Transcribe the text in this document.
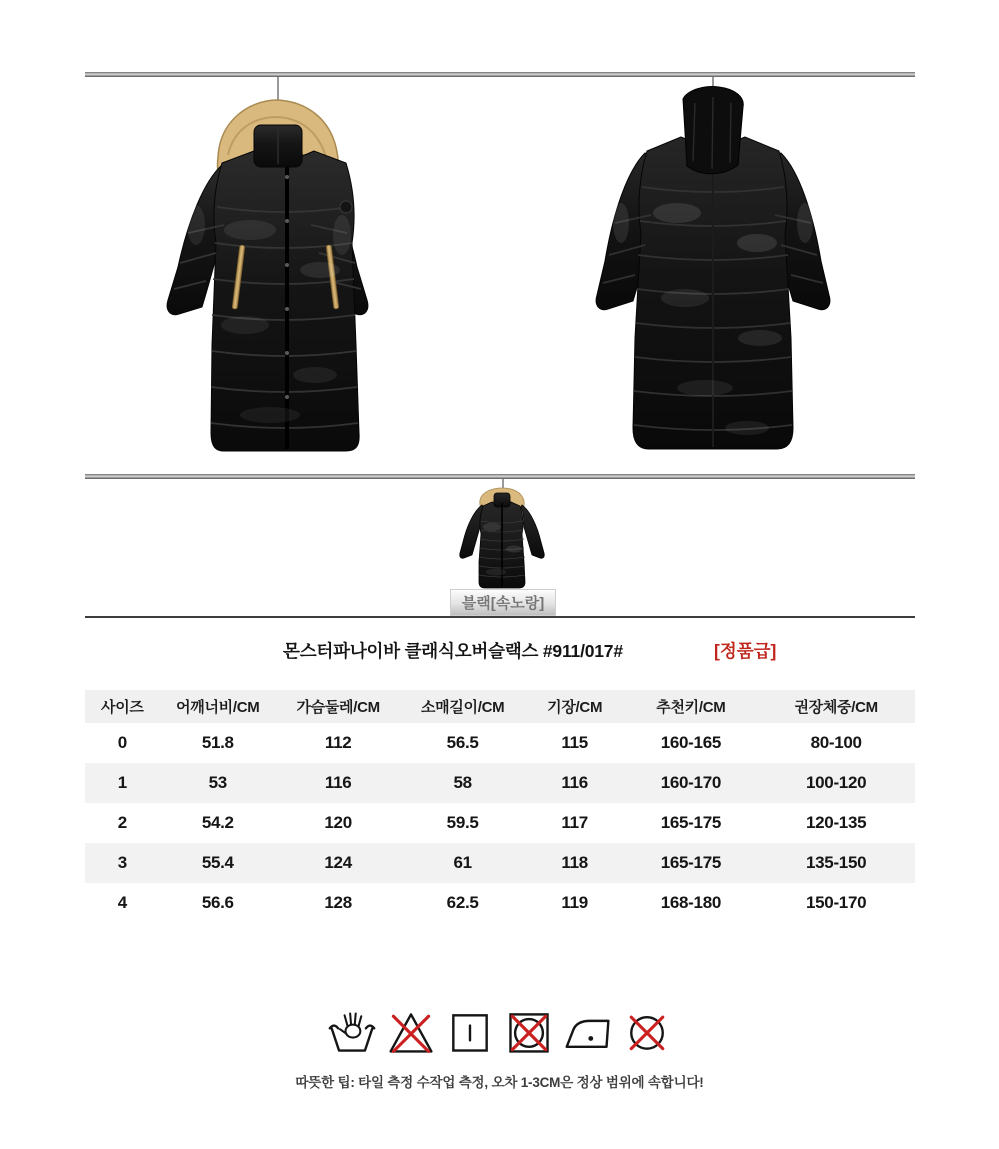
블랙[속노랑]
몬스터파나이바 클래식오버슬랙스 #911/017#	[정품급]
사이즈	어깨너비/CM	가슴둘레/CM	소매길이/CM	기장/CM	추천키/CM	권장체중/CM
0	51.8	112	56.5	115	160-165	80-100
1	53	116	58	116	160-170	100-120
2	54.2	120	59.5	117	165-175	120-135
3	55.4	124	61	118	165-175	135-150
4	56.6	128	62.5	119	168-180	150-170
따뜻한 팁: 타일 측정 수작업 측정, 오차 1-3CM은 정상 범위에 속합니다!
